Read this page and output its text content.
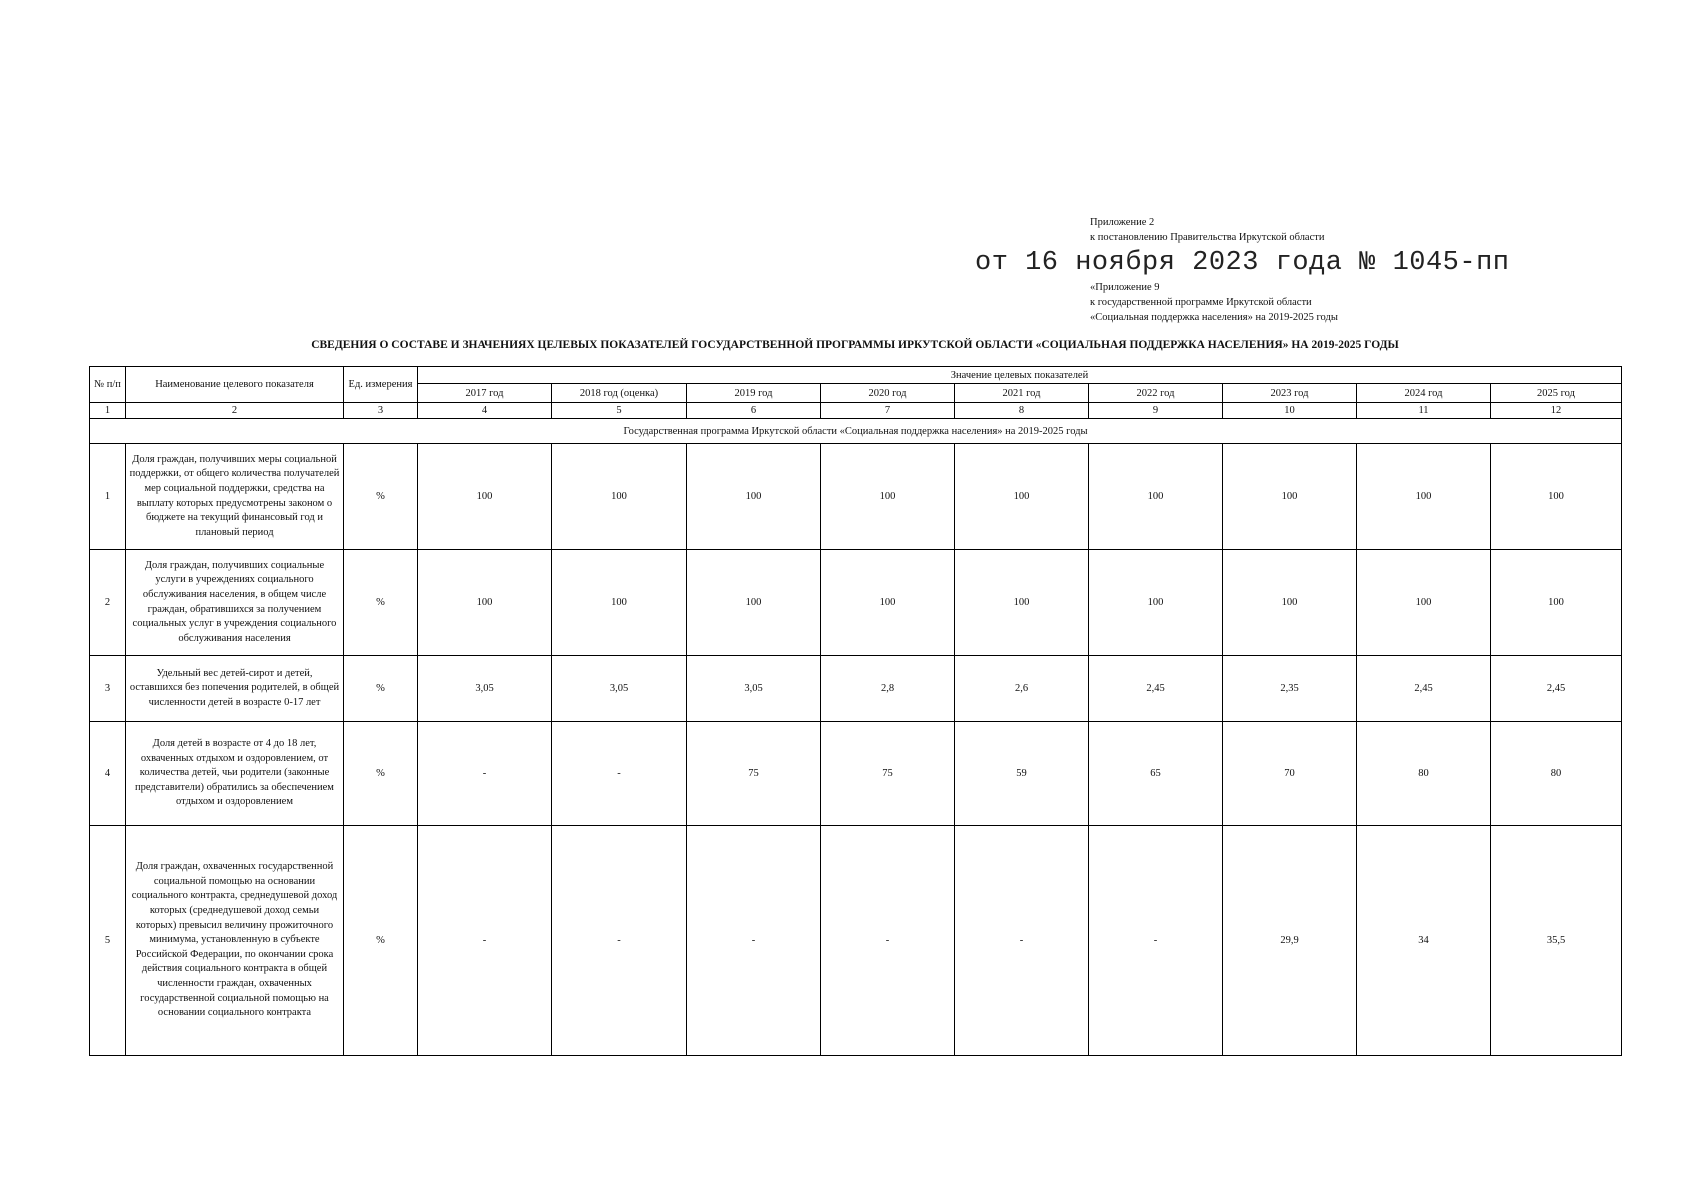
Приложение 2
к постановлению Правительства Иркутской области
от 16 ноября 2023 года № 1045-пп
«Приложение 9
к государственной программе Иркутской области
«Социальная поддержка населения» на 2019-2025 годы
СВЕДЕНИЯ О СОСТАВЕ И ЗНАЧЕНИЯХ ЦЕЛЕВЫХ ПОКАЗАТЕЛЕЙ ГОСУДАРСТВЕННОЙ ПРОГРАММЫ ИРКУТСКОЙ ОБЛАСТИ «СОЦИАЛЬНАЯ ПОДДЕРЖКА НАСЕЛЕНИЯ» НА 2019-2025 ГОДЫ
№ п/п	Наименование целевого показателя	Ед. измерения	Значение целевых показателей								
			2017 год	2018 год (оценка)	2019 год	2020 год	2021 год	2022 год	2023 год	2024 год	2025 год
1	2	3	4	5	6	7	8	9	10	11	12
Государственная программа Иркутской области «Социальная поддержка населения» на 2019-2025 годы											
1	Доля граждан, получивших меры социальной поддержки, от общего количества получателей мер социальной поддержки, средства на выплату которых предусмотрены законом о бюджете на текущий финансовый год и плановый период	%	100	100	100	100	100	100	100	100	100
2	Доля граждан, получивших социальные услуги в учреждениях социального обслуживания населения, в общем числе граждан, обратившихся за получением социальных услуг в учреждения социального обслуживания населения	%	100	100	100	100	100	100	100	100	100
3	Удельный вес детей-сирот и детей, оставшихся без попечения родителей, в общей численности детей в возрасте 0-17 лет	%	3,05	3,05	3,05	2,8	2,6	2,45	2,35	2,45	2,45
4	Доля детей в возрасте от 4 до 18 лет, охваченных отдыхом и оздоровлением, от количества детей, чьи родители (законные представители) обратились за обеспечением отдыхом и оздоровлением	%	-	-	75	75	59	65	70	80	80
5	Доля граждан, охваченных государственной социальной помощью на основании социального контракта, среднедушевой доход которых (среднедушевой доход семьи которых) превысил величину прожиточного минимума, установленную в субъекте Российской Федерации, по окончании срока действия социального контракта в общей численности граждан, охваченных государственной социальной помощью на основании социального контракта	%	-	-	-	-	-	-	29,9	34	35,5
